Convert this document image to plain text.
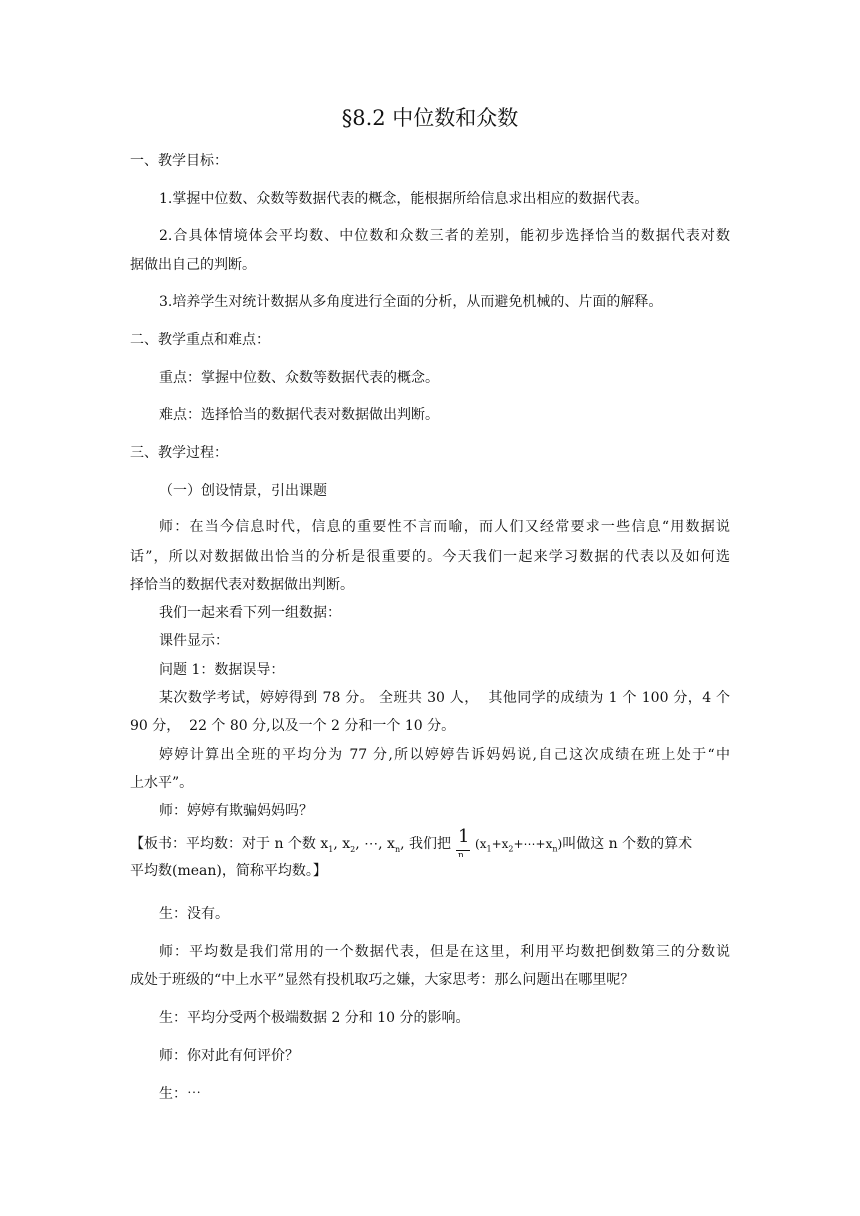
§8.2 中位数和众数
一、教学目标：
1.掌握中位数、众数等数据代表的概念，能根据所给信息求出相应的数据代表。
2.合具体情境体会平均数、中位数和众数三者的差别，能初步选择恰当的数据代表对数
据做出自己的判断。
3.培养学生对统计数据从多角度进行全面的分析，从而避免机械的、片面的解释。
二、教学重点和难点：
重点：掌握中位数、众数等数据代表的概念。
难点：选择恰当的数据代表对数据做出判断。
三、教学过程：
（一）创设情景，引出课题
师：在当今信息时代，信息的重要性不言而喻，而人们又经常要求一些信息“用数据说
话”，所以对数据做出恰当的分析是很重要的。今天我们一起来学习数据的代表以及如何选
择恰当的数据代表对数据做出判断。
我们一起来看下列一组数据：
课件显示：
问题 1：数据误导：
某次数学考试，婷婷得到 78 分。 全班共 30 人，  其他同学的成绩为 1 个 100 分，4 个
90 分，  22 个 80 分,以及一个 2 分和一个 10 分。
婷婷计算出全班的平均分为 77 分,所以婷婷告诉妈妈说,自己这次成绩在班上处于“中
上水平”。
师：婷婷有欺骗妈妈吗？
【板书：平均数：对于 n 个数 $x_1$, $x_2$, ⋯, $x_n$, 我们把 $\frac{1}{n}$ $(x_1+x_2+\cdots+x_n)$叫做这 n 个数的算术
平均数(mean)，简称平均数。】
生：没有。
师：平均数是我们常用的一个数据代表，但是在这里，利用平均数把倒数第三的分数说
成处于班级的“中上水平”显然有投机取巧之嫌，大家思考：那么问题出在哪里呢？
生：平均分受两个极端数据 2 分和 10 分的影响。
师：你对此有何评价？
生：⋯
